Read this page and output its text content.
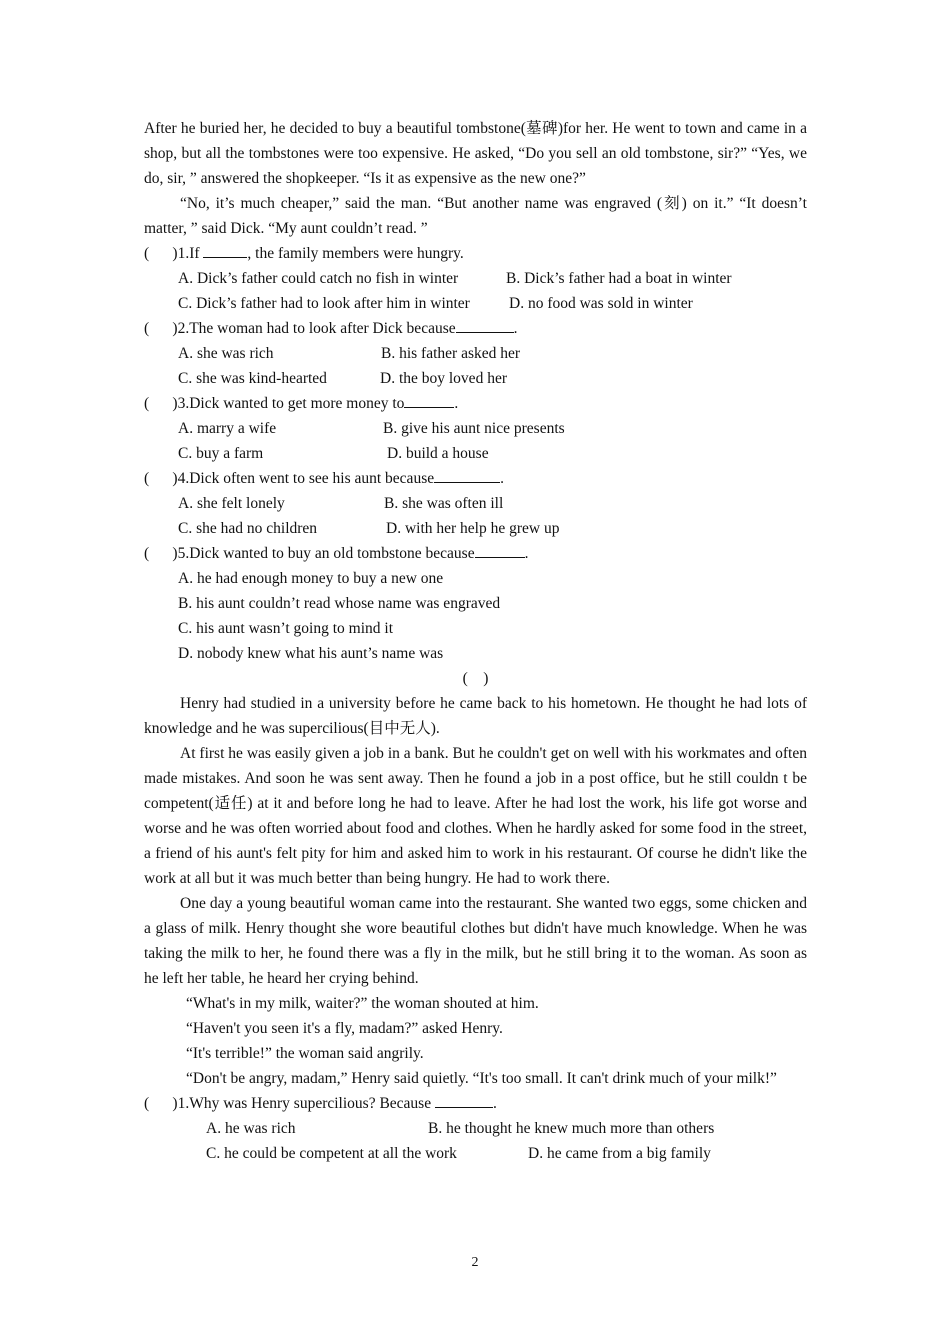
After he buried her, he decided to buy a beautiful tombstone(墓碑)for her. He went to town and came in a shop, but all the tombstones were too expensive. He asked, “Do you sell an old tombstone, sir?” “Yes, we do, sir, ” answered the shopkeeper. “Is it as expensive as the new one?”

“No, it’s much cheaper,” said the man. “But another name was engraved (刻) on it.” “It doesn’t matter, ” said Dick. “My aunt couldn’t read. ”

(      )1.If	, the family members were hungry.
A. Dick’s father could catch no fish in winter	B. Dick’s father had a boat in winter
C. Dick’s father had to look after him in winter	D. no food was sold in winter
(      )2.The woman had to look after Dick because	.
A. she was rich	B. his father asked her
C. she was kind-hearted	D. the boy loved her
(      )3.Dick wanted to get more money to	.
A. marry a wife	B. give his aunt nice presents
C. buy a farm	D. build a house
(      )4.Dick often went to see his aunt because	.
A. she felt lonely	B. she was often ill
C. she had no children	D. with her help he grew up
(      )5.Dick wanted to buy an old tombstone because	.
A. he had enough money to buy a new one
B. his aunt couldn’t read whose name was engraved
C. his aunt wasn’t going to mind it
D. nobody knew what his aunt’s name was
(　)

Henry had studied in a university before he came back to his hometown. He thought he had lots of knowledge and he was supercilious(目中无人).

At first he was easily given a job in a bank. But he couldn't get on well with his workmates and often made mistakes. And soon he was sent away. Then he found a job in a post office, but he still couldn t be competent(适任) at it and before long he had to leave. After he had lost the work, his life got worse and worse and he was often worried about food and clothes. When he hardly asked for some food in the street, a friend of his aunt's felt pity for him and asked him to work in his restaurant. Of course he didn't like the work at all but it was much better than being hungry. He had to work there.

One day a young beautiful woman came into the restaurant. She wanted two eggs, some chicken and a glass of milk. Henry thought she wore beautiful clothes but didn't have much knowledge. When he was taking the milk to her, he found there was a fly in the milk, but he still bring it to the woman. As soon as he left her table, he heard her crying behind.

“What's in my milk, waiter?” the woman shouted at him.

“Haven't you seen it's a fly, madam?” asked Henry.

“It's terrible!” the woman said angrily.

“Don't be angry, madam,” Henry said quietly. “It's too small. It can't drink much of your milk!”

(      )1.Why was Henry supercilious? Because	.
A. he was rich	B. he thought he knew much more than others
C. he could be competent at all the work	D. he came from a big family
2
